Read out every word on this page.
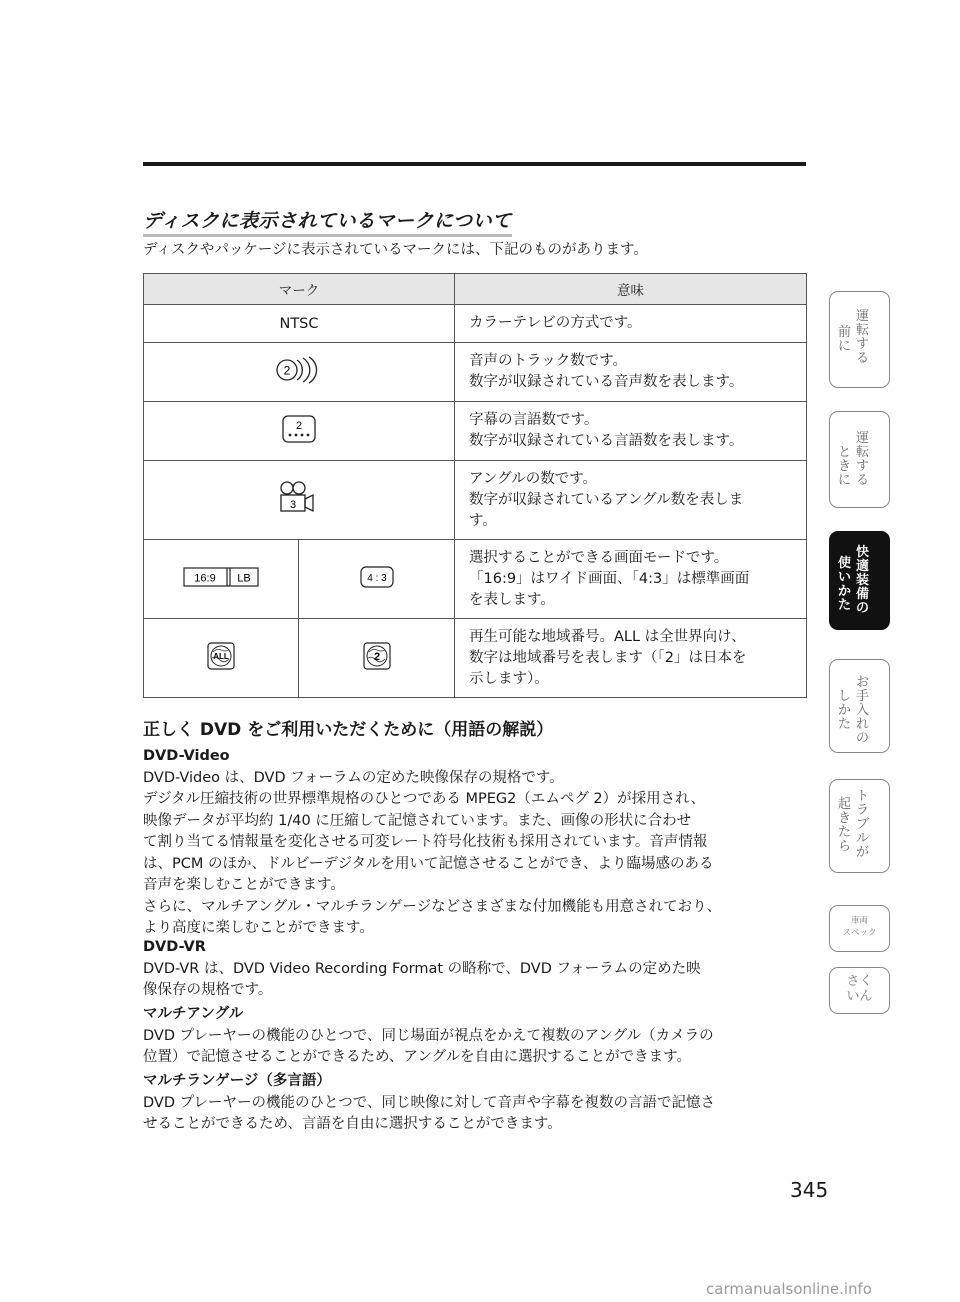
ディスクに表示されているマークについて
ディスクやパッケージに表示されているマークには、下記のものがあります。
マーク		意味
NTSC		カラーテレビの方式です。

2		音声のトラック数です。
数字が収録されている音声数を表します。

2		字幕の言語数です。
数字が収録されている言語数を表します。

3		アングルの数です。
数字が収録されているアングル数を表しま
す。

16:9 LB	4 : 3	選択することができる画面モードです。
「16:9」はワイド画面、「4:3」は標準画面
を表します。

ALL	2	再生可能な地域番号。ALL は全世界向け、
数字は地域番号を表します（「2」は日本を
示します）。
正しく DVD をご利用いただくために（用語の解説）
DVD-Video
DVD-Video は、DVD フォーラムの定めた映像保存の規格です。
デジタル圧縮技術の世界標準規格のひとつである MPEG2（エムペグ 2）が採用され、
映像データが平均約 1/40 に圧縮して記憶されています。また、画像の形状に合わせ
て割り当てる情報量を変化させる可変レート符号化技術も採用されています。音声情報
は、PCM のほか、ドルビーデジタルを用いて記憶させることができ、より臨場感のある
音声を楽しむことができます。
さらに、マルチアングル・マルチランゲージなどさまざまな付加機能も用意されており、
より高度に楽しむことができます。
DVD-VR
DVD-VR は、DVD Video Recording Format の略称で、DVD フォーラムの定めた映
像保存の規格です。
マルチアングル
DVD プレーヤーの機能のひとつで、同じ場面が視点をかえて複数のアングル（カメラの
位置）で記憶させることができるため、アングルを自由に選択することができます。
マルチランゲージ（多言語）
DVD プレーヤーの機能のひとつで、同じ映像に対して音声や字幕を複数の言語で記憶さ
せることができるため、言語を自由に選択することができます。
345
前
に
運
転
す
る
と
き
に
運
転
す
る
使
い
か
た
快
適
装
備
の
し
か
た
お
手
入
れ
の
起
き
た
ら
ト
ラ
ブ
ル
が
車両
スペック
さく
いん
carmanualsonline.info
